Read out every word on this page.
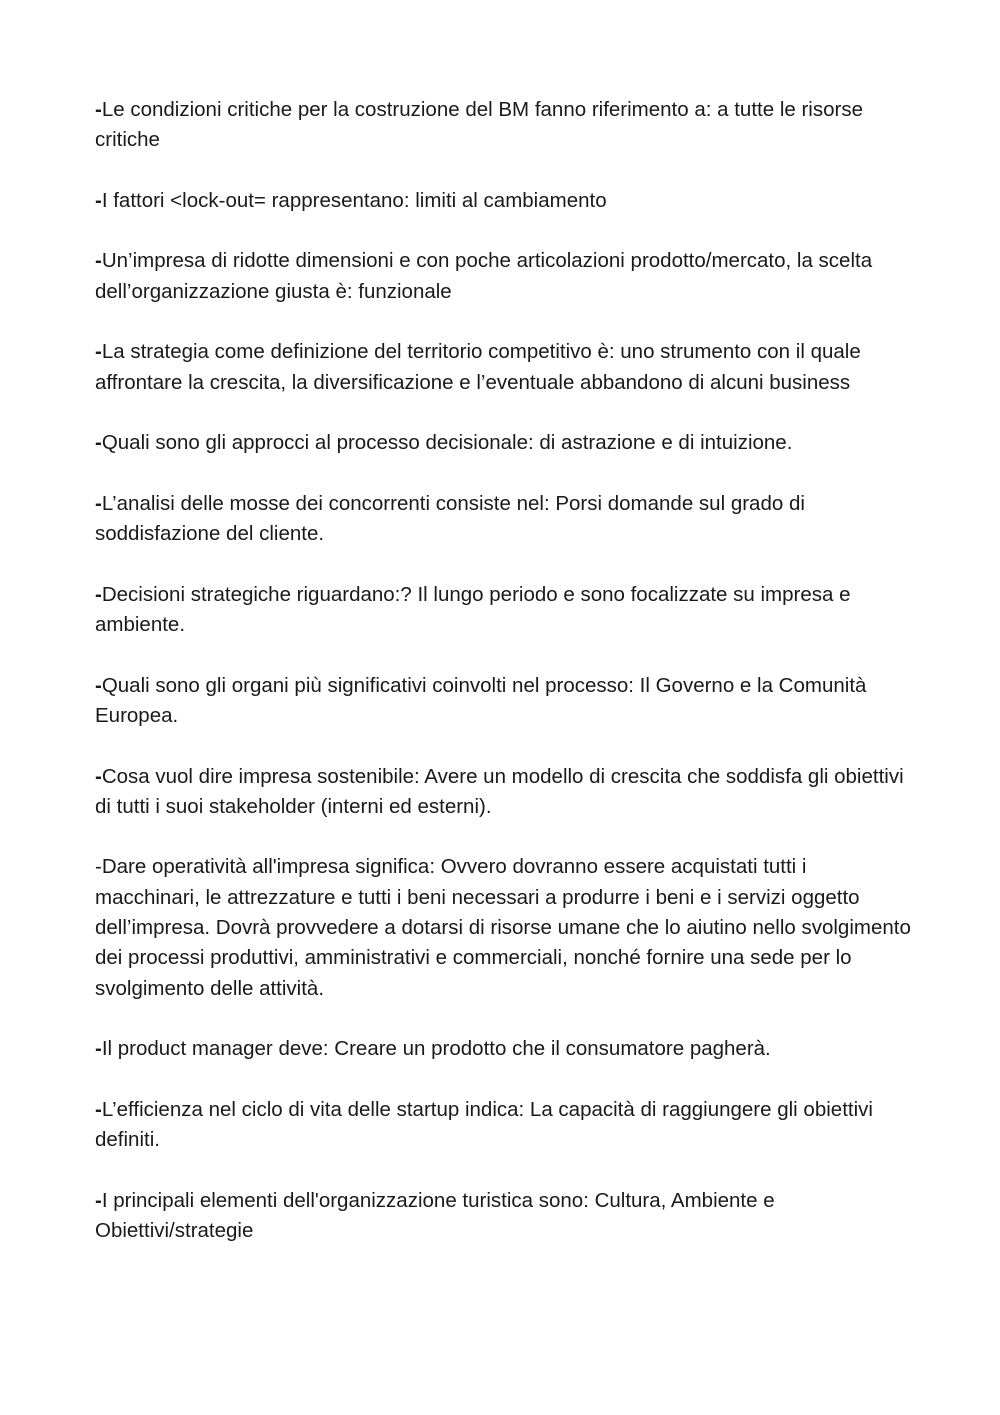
-Le condizioni critiche per la costruzione del BM fanno riferimento a: a tutte le risorse critiche

-I fattori <lock-out= rappresentano: limiti al cambiamento

-Un’impresa di ridotte dimensioni e con poche articolazioni prodotto/mercato, la scelta dell’organizzazione giusta è: funzionale

-La strategia come definizione del territorio competitivo è: uno strumento con il quale affrontare la crescita, la diversificazione e l’eventuale abbandono di alcuni business

-Quali sono gli approcci al processo decisionale: di astrazione e di intuizione.

-L’analisi delle mosse dei concorrenti consiste nel: Porsi domande sul grado di soddisfazione del cliente.

-Decisioni strategiche riguardano:? Il lungo periodo e sono focalizzate su impresa e ambiente.

-Quali sono gli organi più significativi coinvolti nel processo: Il Governo e la Comunità Europea.

-Cosa vuol dire impresa sostenibile: Avere un modello di crescita che soddisfa gli obiettivi di tutti i suoi stakeholder (interni ed esterni).

-Dare operatività all'impresa significa: Ovvero dovranno essere acquistati tutti i macchinari, le attrezzature e tutti i beni necessari a produrre i beni e i servizi oggetto dell’impresa. Dovrà provvedere a dotarsi di risorse umane che lo aiutino nello svolgimento dei processi produttivi, amministrativi e commerciali, nonché fornire una sede per lo svolgimento delle attività.

-Il product manager deve: Creare un prodotto che il consumatore pagherà.

-L’efficienza nel ciclo di vita delle startup indica: La capacità di raggiungere gli obiettivi definiti.

-I principali elementi dell'organizzazione turistica sono: Cultura, Ambiente e Obiettivi/strategie
